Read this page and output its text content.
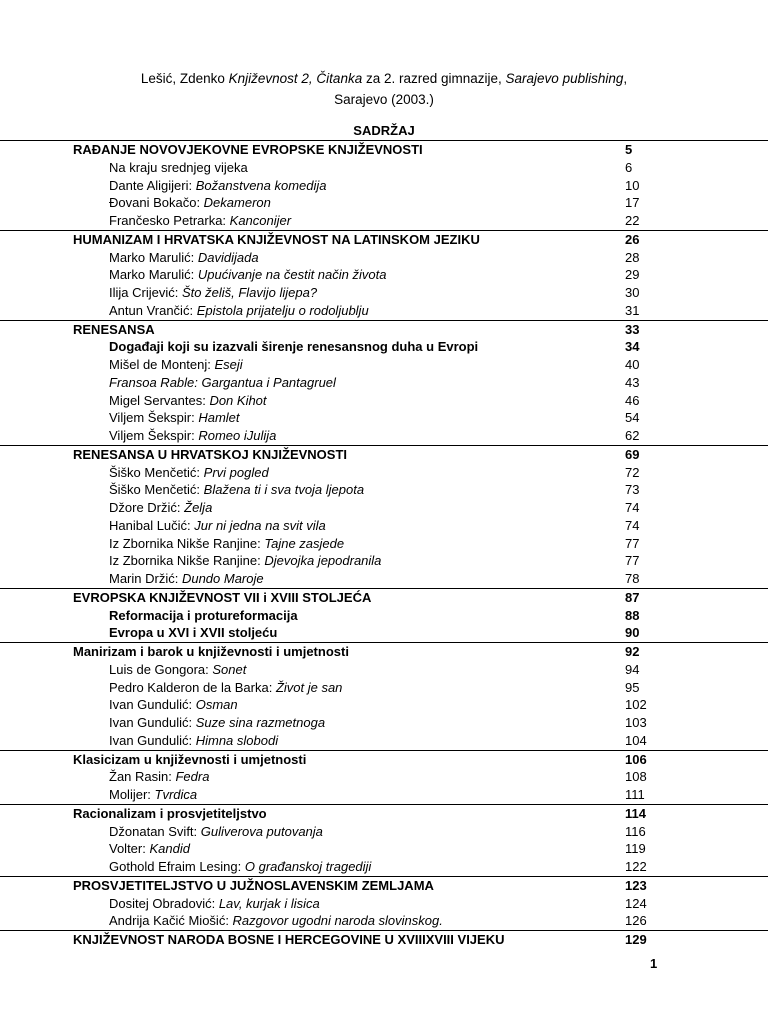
Lešić, Zdenko Književnost 2, Čitanka za 2. razred gimnazije, Sarajevo publishing,
Sarajevo (2003.)
SADRŽAJ
RAĐANJE NOVOVJEKOVNE EVROPSKE KNJIŽEVNOSTI	5
Na kraju srednjeg vijeka	6
Dante Aligijeri: Božanstvena komedija	10
Đovani Bokačo: Dekameron	17
Frančesko Petrarka: Kanconijer	22
HUMANIZAM I HRVATSKA KNJIŽEVNOST NA LATINSKOM JEZIKU	26
Marko Marulić: Davidijada	28
Marko Marulić: Upućivanje na čestit način života	29
Ilija Crijević: Što želiš, Flavijo lijepa?	30
Antun Vrančić: Epistola prijatelju o rodoljublju	31
RENESANSA	33
Događaji koji su izazvali širenje renesansnog duha u Evropi	34
Mišel de Montenj: Eseji	40
Fransoa Rable: Gargantua i Pantagruel	43
Migel Servantes: Don Kihot	46
Viljem Šekspir: Hamlet	54
Viljem Šekspir: Romeo iJulija	62
RENESANSA U HRVATSKOJ KNJIŽEVNOSTI	69
Šiško Menčetić: Prvi pogled	72
Šiško Menčetić: Blažena ti i sva tvoja ljepota	73
Džore Držić: Želja	74
Hanibal Lučić: Jur ni jedna na svit vila	74
Iz Zbornika Nikše Ranjine: Tajne zasjede	77
Iz Zbornika Nikše Ranjine: Djevojka jepodranila	77
Marin Držić: Dundo Maroje	78
EVROPSKA KNJIŽEVNOST VII i XVIII STOLJEĆA	87
Reformacija i protureformacija	88
Evropa u XVI i XVII stoljeću	90
Manirizam i barok u književnosti i umjetnosti	92
Luis de Gongora: Sonet	94
Pedro Kalderon de la Barka: Život je san	95
Ivan Gundulić: Osman	102
Ivan Gundulić: Suze sina razmetnoga	103
Ivan Gundulić: Himna slobodi	104
Klasicizam u književnosti i umjetnosti	106
Žan Rasin: Fedra	108
Molijer: Tvrdica	111
Racionalizam i prosvjetiteljstvo	114
Džonatan Svift: Guliverova putovanja	116
Volter: Kandid	119
Gothold Efraim Lesing: O građanskoj tragediji	122
PROSVJETITELJSTVO U JUŽNOSLAVENSKIM ZEMLJAMA	123
Dositej Obradović: Lav, kurjak i lisica	124
Andrija Kačić Miošić: Razgovor ugodni naroda slovinskog.	126
KNJIŽEVNOST NARODA BOSNE I HERCEGOVINE U XVIIIXVIII VIJEKU	129
1
